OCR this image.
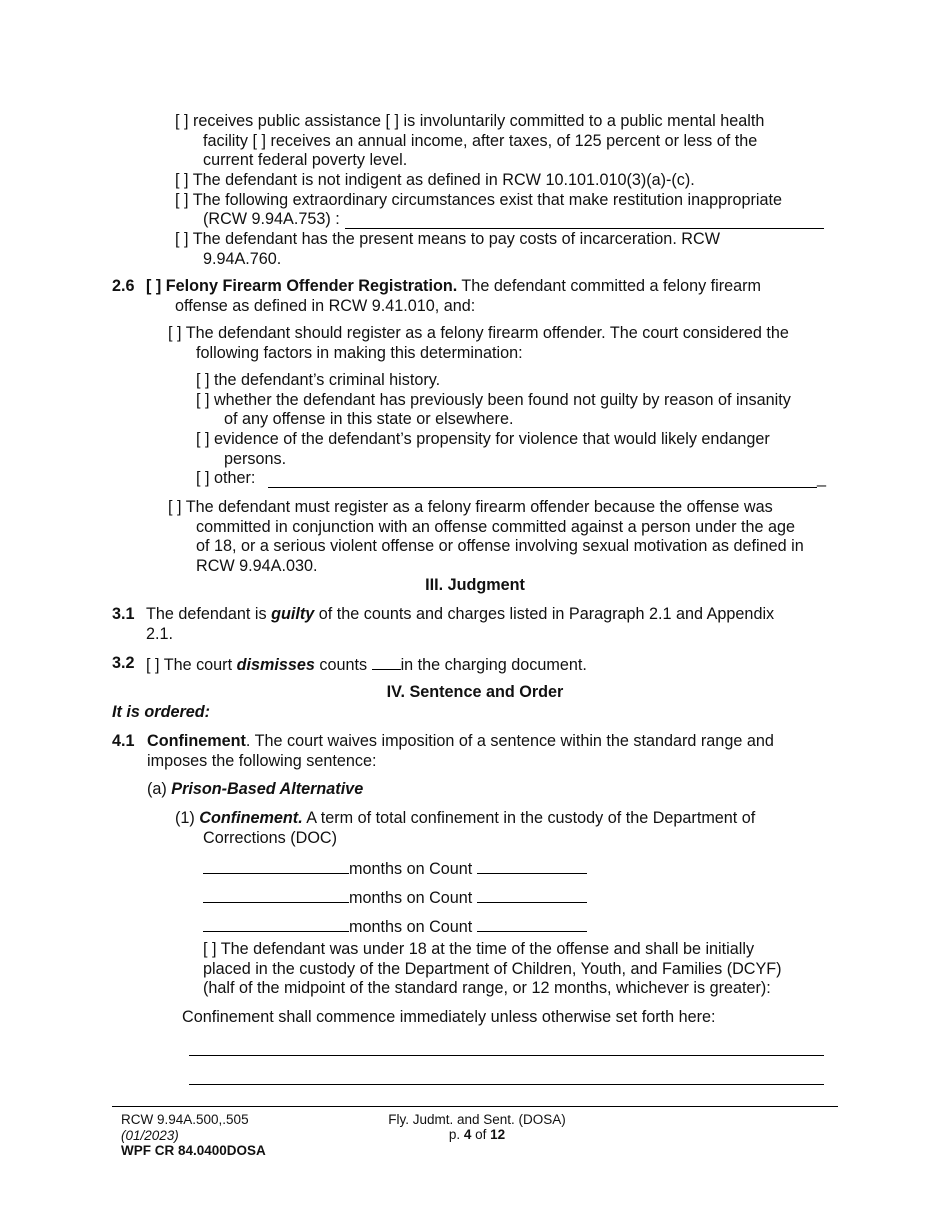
[ ] receives public assistance [ ] is involuntarily committed to a public mental health
facility [ ] receives an annual income, after taxes, of 125 percent or less of the
current federal poverty level.
[ ] The defendant is not indigent as defined in RCW 10.101.010(3)(a)-(c).
[ ] The following extraordinary circumstances exist that make restitution inappropriate
(RCW 9.94A.753) :
[ ] The defendant has the present means to pay costs of incarceration. RCW
9.94A.760.
2.6 [ ] Felony Firearm Offender Registration. The defendant committed a felony firearm
offense as defined in RCW 9.41.010, and:
[ ] The defendant should register as a felony firearm offender. The court considered the
following factors in making this determination:
[ ] the defendant’s criminal history.
[ ] whether the defendant has previously been found not guilty by reason of insanity
of any offense in this state or elsewhere.
[ ] evidence of the defendant’s propensity for violence that would likely endanger
persons.
[ ] other:	_
[ ] The defendant must register as a felony firearm offender because the offense was
committed in conjunction with an offense committed against a person under the age
of 18, or a serious violent offense or offense involving sexual motivation as defined in
RCW 9.94A.030.
III. Judgment
3.1 The defendant is guilty of the counts and charges listed in Paragraph 2.1 and Appendix
2.1.
3.2 [ ] The court dismisses counts in the charging document.
IV. Sentence and Order
It is ordered:
4.1 Confinement. The court waives imposition of a sentence within the standard range and
imposes the following sentence:
(a) Prison-Based Alternative
(1) Confinement. A term of total confinement in the custody of the Department of
Corrections (DOC)
months on Count
months on Count
months on Count
[ ] The defendant was under 18 at the time of the offense and shall be initially
placed in the custody of the Department of Children, Youth, and Families (DCYF)
(half of the midpoint of the standard range, or 12 months, whichever is greater):
Confinement shall commence immediately unless otherwise set forth here:
RCW 9.94A.500,.505
(01/2023)
WPF CR 84.0400DOSA
Fly. Judmt. and Sent. (DOSA)
p. 4 of 12
